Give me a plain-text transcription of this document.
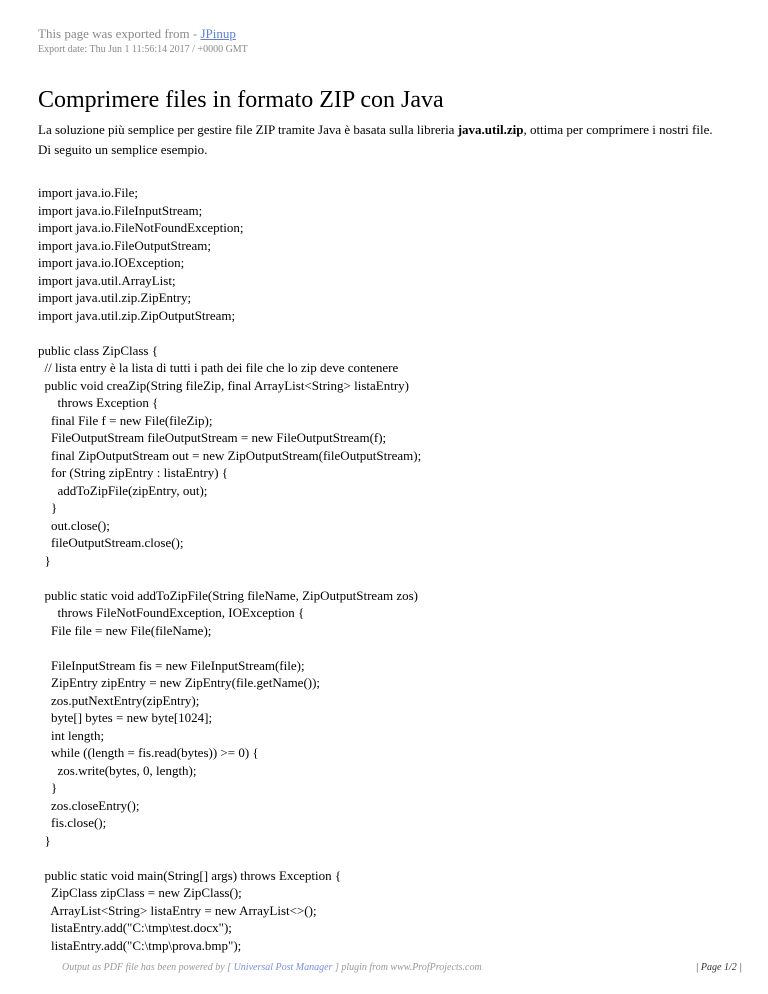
This page was exported from - JPinup
Export date: Thu Jun 1 11:56:14 2017 / +0000 GMT
Comprimere files in formato ZIP con Java

La soluzione più semplice per gestire file ZIP tramite Java è basata sulla libreria java.util.zip, ottima per comprimere i nostri file.
Di seguito un semplice esempio.

import java.io.File;
import java.io.FileInputStream;
import java.io.FileNotFoundException;
import java.io.FileOutputStream;
import java.io.IOException;
import java.util.ArrayList;
import java.util.zip.ZipEntry;
import java.util.zip.ZipOutputStream;
public class ZipClass {
// lista entry è la lista di tutti i path dei file che lo zip deve contenere
public void creaZip(String fileZip, final ArrayList<String> listaEntry)
throws Exception {
final File f = new File(fileZip);
FileOutputStream fileOutputStream = new FileOutputStream(f);
final ZipOutputStream out = new ZipOutputStream(fileOutputStream);
for (String zipEntry : listaEntry) {
addToZipFile(zipEntry, out);
}
out.close();
fileOutputStream.close();
}
public static void addToZipFile(String fileName, ZipOutputStream zos)
throws FileNotFoundException, IOException {
File file = new File(fileName);
FileInputStream fis = new FileInputStream(file);
ZipEntry zipEntry = new ZipEntry(file.getName());
zos.putNextEntry(zipEntry);
byte[] bytes = new byte[1024];
int length;
while ((length = fis.read(bytes)) >= 0) {
zos.write(bytes, 0, length);
}
zos.closeEntry();
fis.close();
}
public static void main(String[] args) throws Exception {
ZipClass zipClass = new ZipClass();
ArrayList<String> listaEntry = new ArrayList<>();
listaEntry.add("C:\tmp\test.docx");
listaEntry.add("C:\tmp\prova.bmp");
Output as PDF file has been powered by [ Universal Post Manager ] plugin from www.ProfProjects.com	| Page 1/2 |
